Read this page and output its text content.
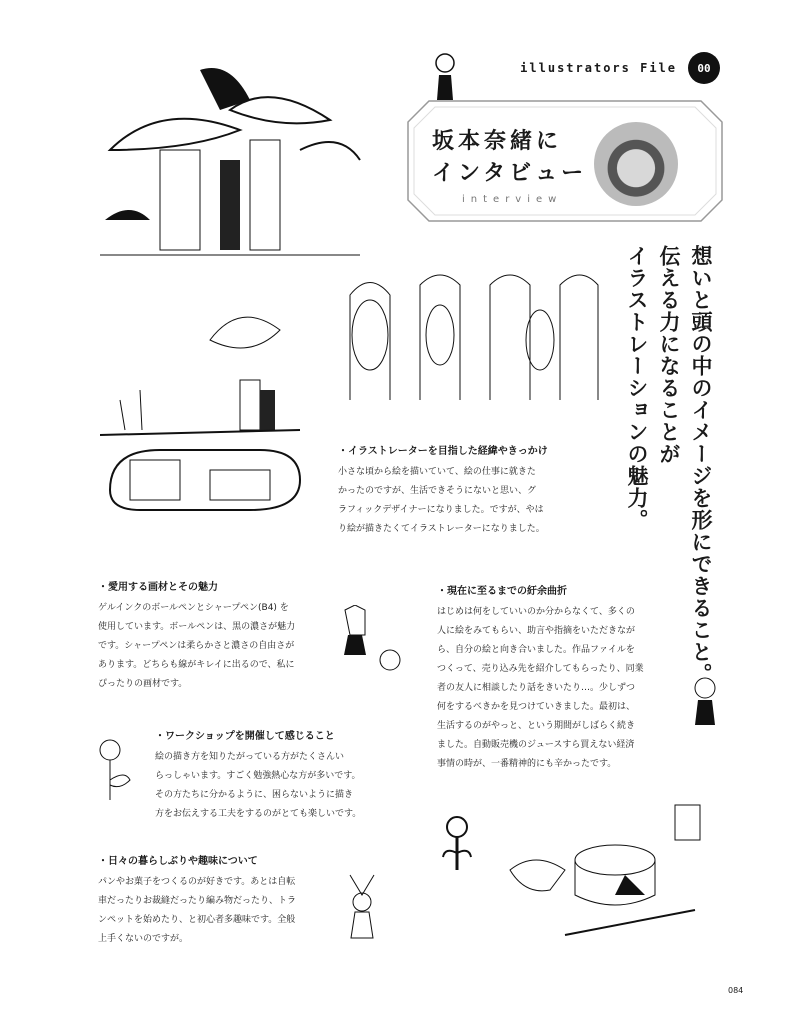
illustrators File	00
坂本奈緒に
インタビュー
interview
想いと頭の中のイメージを形にできること。
伝える力になることが
イラストレーションの魅力。
・イラストレーターを目指した経緯やきっかけ

小さな頃から絵を描いていて、絵の仕事に就きた

かったのですが、生活できそうにないと思い、グ

ラフィックデザイナーになりました。ですが、やは

り絵が描きたくてイラストレーターになりました。

・愛用する画材とその魅力

ゲルインクのボールペンとシャープペン(B4) を

使用しています。ボールペンは、黒の濃さが魅力

です。シャープペンは柔らかさと濃さの自由さが

あります。どちらも線がキレイに出るので、私に

ぴったりの画材です。

・現在に至るまでの紆余曲折

はじめは何をしていいのか分からなくて、多くの

人に絵をみてもらい、助言や指摘をいただきなが

ら、自分の絵と向き合いました。作品ファイルを

つくって、売り込み先を紹介してもらったり、同業

者の友人に相談したり話をきいたり…。少しずつ

何をするべきかを見つけていきました。最初は、

生活するのがやっと、という期間がしばらく続き

ました。自動販売機のジュースすら買えない経済

事情の時が、一番精神的にも辛かったです。

・ワークショップを開催して感じること

絵の描き方を知りたがっている方がたくさんい

らっしゃいます。すごく勉強熱心な方が多いです。

その方たちに分かるように、困らないように描き

方をお伝えする工夫をするのがとても楽しいです。

・日々の暮らしぶりや趣味について

パンやお菓子をつくるのが好きです。あとは自転

車だったりお裁縫だったり編み物だったり、トラ

ンペットを始めたり、と初心者多趣味です。全般

上手くないのですが。

084
